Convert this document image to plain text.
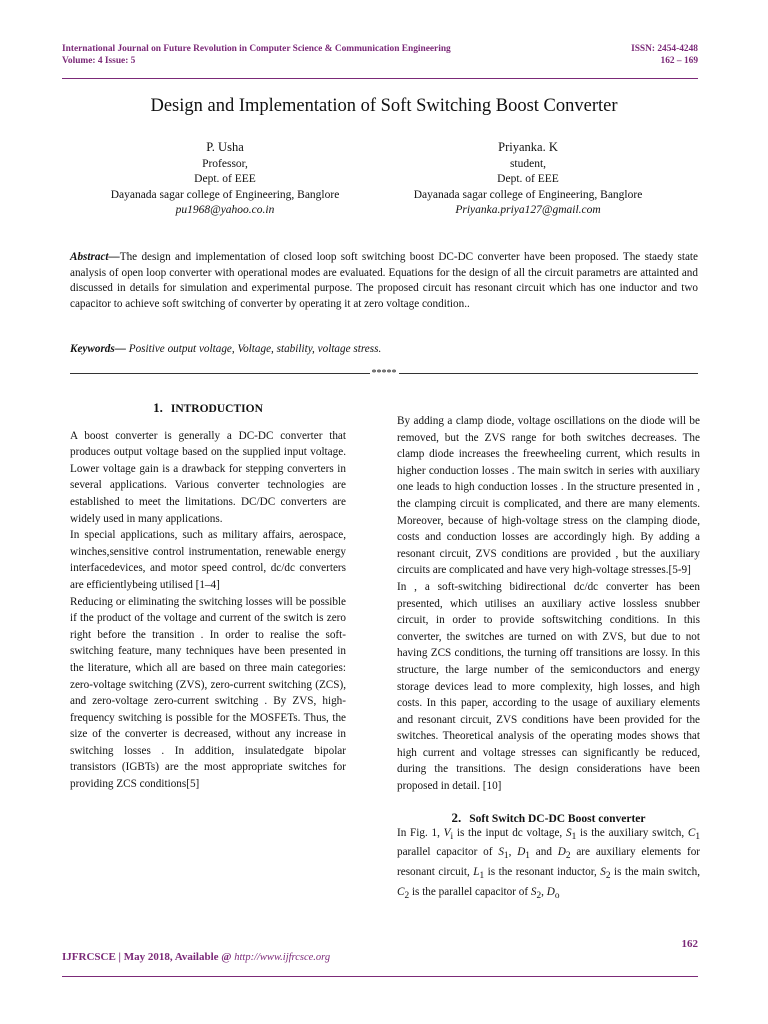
International Journal on Future Revolution in Computer Science & Communication Engineering
Volume: 4 Issue: 5
ISSN: 2454-4248
162 – 169
Design and Implementation of Soft Switching Boost Converter
P. Usha
Professor,
Dept. of EEE
Dayanada sagar college of Engineering, Banglore
pu1968@yahoo.co.in
Priyanka. K
student,
Dept. of EEE
Dayanada sagar college of Engineering, Banglore
Priyanka.priya127@gmail.com
Abstract—The design and implementation of closed loop soft switching boost DC-DC converter have been proposed. The staedy state analysis of open loop converter with operational modes are evaluated. Equations for the design of all the circuit parametrs are attainted and discussed in details for simulation and experimental purpose. The proposed circuit has resonant circuit which has one inductor and two capacitor to achieve soft switching of converter by operating it at zero voltage condition..
Keywords— Positive output voltage, Voltage, stability, voltage stress.
*****

1. INTRODUCTION

A boost converter is generally a DC-DC converter that produces output voltage based on the supplied input voltage. Lower voltage gain is a drawback for stepping converters in several applications. Various converter technologies are established to meet the limitations. DC/DC converters are widely used in many applications.

In special applications, such as military affairs, aerospace, winches,sensitive control instrumentation, renewable energy interfacedevices, and motor speed control, dc/dc converters are efficientlybeing utilised [1–4]

Reducing or eliminating the switching losses will be possible if the product of the voltage and current of the switch is zero right before the transition . In order to realise the soft-switching feature, many techniques have been presented in the literature, which all are based on three main categories: zero-voltage switching (ZVS), zero-current switching (ZCS), and zero-voltage zero-current switching . By ZVS, high-frequency switching is possible for the MOSFETs. Thus, the size of the converter is decreased, without any increase in switching losses . In addition, insulatedgate bipolar transistors (IGBTs) are the most appropriate switches for providing ZCS conditions[5]

By adding a clamp diode, voltage oscillations on the diode will be removed, but the ZVS range for both switches decreases. The clamp diode increases the freewheeling current, which results in higher conduction losses . The main switch in series with auxiliary one leads to high conduction losses . In the structure presented in , the clamping circuit is complicated, and there are many elements. Moreover, because of high-voltage stress on the clamping diode, costs and conduction losses are accordingly high. By adding a resonant circuit, ZVS conditions are provided , but the auxiliary circuits are complicated and have very high-voltage stresses.[5-9]

In , a soft-switching bidirectional dc/dc converter has been presented, which utilises an auxiliary active lossless snubber circuit, in order to provide softswitching conditions. In this converter, the switches are turned on with ZVS, but due to not having ZCS conditions, the turning off transitions are lossy. In this structure, the large number of the semiconductors and energy storage devices lead to more complexity, high losses, and high costs. In this paper, according to the usage of auxiliary elements and resonant circuit, ZVS conditions have been provided for the switches. Theoretical analysis of the operating modes shows that high current and voltage stresses can significantly be reduced, during the transitions. The design considerations have been proposed in detail. [10]

2. Soft Switch DC-DC Boost converter

In Fig. 1, $V_i$ is the input dc voltage, $S_1$ is the auxiliary switch, $C_1$ parallel capacitor of $S_1$, $D_1$ and $D_2$ are auxiliary elements for resonant circuit, $L_1$ is the resonant inductor, $S_2$ is the main switch, $C_2$ is the parallel capacitor of $S_2$, $D_o$

162
IJFRCSCE | May 2018, Available @ http://www.ijfrcsce.org
